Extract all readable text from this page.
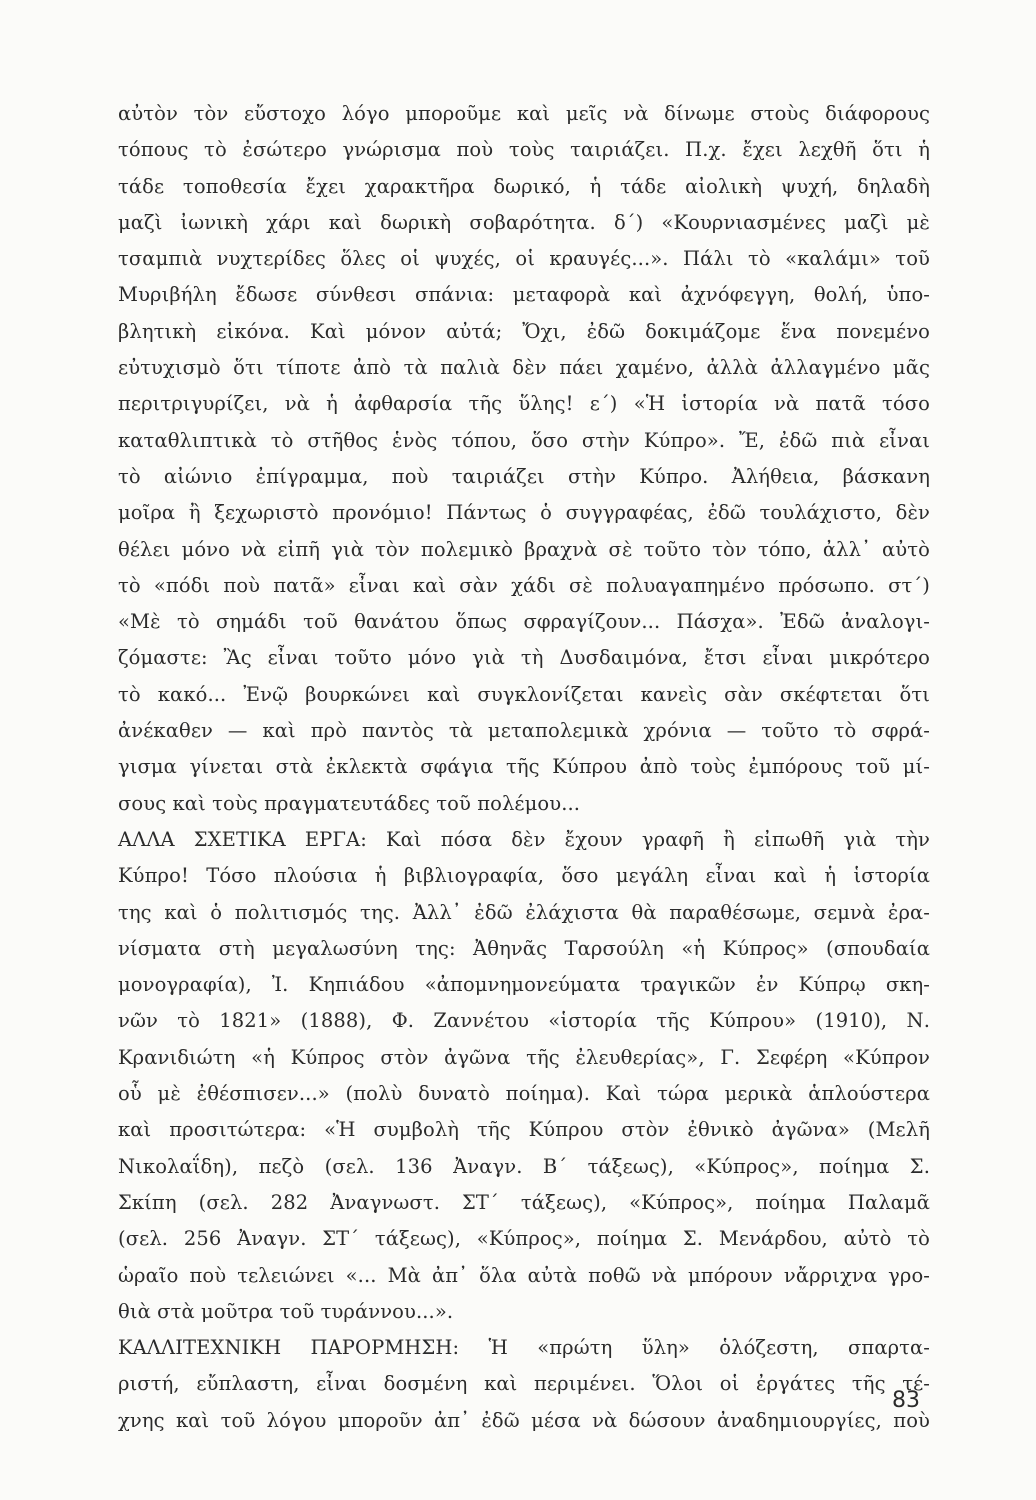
αὐτὸν τὸν εὔστοχο λόγο μποροῦμε καὶ μεῖς νὰ δίνωμε στοὺς διάφορους
τόπους τὸ ἐσώτερο γνώρισμα ποὺ τοὺς ταιριάζει. Π.χ. ἔχει λεχθῆ ὅτι ἡ
τάδε τοποθεσία ἔχει χαρακτῆρα δωρικό, ἡ τάδε αἰολικὴ ψυχή, δηλαδὴ
μαζὶ ἰωνικὴ χάρι καὶ δωρικὴ σοβαρότητα. δ΄) «Κουρνιασμένες μαζὶ μὲ
τσαμπιὰ νυχτερίδες ὅλες οἱ ψυχές, οἱ κραυγές...». Πάλι τὸ «καλάμι» τοῦ
Μυριβήλη ἔδωσε σύνθεσι σπάνια: μεταφορὰ καὶ ἀχνόφεγγη, θολή, ὑπο-
βλητικὴ εἰκόνα. Καὶ μόνον αὐτά; Ὄχι, ἐδῶ δοκιμάζομε ἕνα πονεμένο
εὐτυχισμὸ ὅτι τίποτε ἀπὸ τὰ παλιὰ δὲν πάει χαμένο, ἀλλὰ ἀλλαγμένο μᾶς
περιτριγυρίζει, νὰ ἡ ἀφθαρσία τῆς ὕλης! ε΄) «Ἡ ἱστορία νὰ πατᾶ τόσο
καταθλιπτικὰ τὸ στῆθος ἑνὸς τόπου, ὅσο στὴν Κύπρο». Ἔ, ἐδῶ πιὰ εἶναι
τὸ αἰώνιο ἐπίγραμμα, ποὺ ταιριάζει στὴν Κύπρο. Ἀλήθεια, βάσκανη
μοῖρα ἢ ξεχωριστὸ προνόμιο! Πάντως ὁ συγγραφέας, ἐδῶ τουλάχιστο, δὲν
θέλει μόνο νὰ εἰπῆ γιὰ τὸν πολεμικὸ βραχνὰ σὲ τοῦτο τὸν τόπο, ἀλλ᾿ αὐτὸ
τὸ «πόδι ποὺ πατᾶ» εἶναι καὶ σὰν χάδι σὲ πολυαγαπημένο πρόσωπο. στ΄)
«Μὲ τὸ σημάδι τοῦ θανάτου ὅπως σφραγίζουν... Πάσχα». Ἐδῶ ἀναλογι-
ζόμαστε: Ἂς εἶναι τοῦτο μόνο γιὰ τὴ Δυσδαιμόνα, ἔτσι εἶναι μικρότερο
τὸ κακό... Ἐνῷ βουρκώνει καὶ συγκλονίζεται κανεὶς σὰν σκέφτεται ὅτι
ἀνέκαθεν — καὶ πρὸ παντὸς τὰ μεταπολεμικὰ χρόνια — τοῦτο τὸ σφρά-
γισμα γίνεται στὰ ἐκλεκτὰ σφάγια τῆς Κύπρου ἀπὸ τοὺς ἐμπόρους τοῦ μί-
σους καὶ τοὺς πραγματευτάδες τοῦ πολέμου...
ΑΛΛΑ ΣΧΕΤΙΚΑ ΕΡΓΑ: Καὶ πόσα δὲν ἔχουν γραφῆ ἢ εἰπωθῆ γιὰ τὴν
Κύπρο! Τόσο πλούσια ἡ βιβλιογραφία, ὅσο μεγάλη εἶναι καὶ ἡ ἱστορία
της καὶ ὁ πολιτισμός της. Ἀλλ᾿ ἐδῶ ἐλάχιστα θὰ παραθέσωμε, σεμνὰ ἐρα-
νίσματα στὴ μεγαλωσύνη της: Ἀθηνᾶς Ταρσούλη «ἡ Κύπρος» (σπουδαία
μονογραφία), Ἰ. Κηπιάδου «ἀπομνημονεύματα τραγικῶν ἐν Κύπρῳ σκη-
νῶν τὸ 1821» (1888), Φ. Ζαννέτου «ἱστορία τῆς Κύπρου» (1910), Ν.
Κρανιδιώτη «ἡ Κύπρος στὸν ἀγῶνα τῆς ἐλευθερίας», Γ. Σεφέρη «Κύπρον
οὗ μὲ ἐθέσπισεν...» (πολὺ δυνατὸ ποίημα). Καὶ τώρα μερικὰ ἁπλούστερα
καὶ προσιτώτερα: «Ἡ συμβολὴ τῆς Κύπρου στὸν ἐθνικὸ ἀγῶνα» (Μελῆ
Νικολαΐδη), πεζὸ (σελ. 136 Ἀναγν. Β΄ τάξεως), «Κύπρος», ποίημα Σ.
Σκίπη (σελ. 282 Ἀναγνωστ. ΣΤ΄ τάξεως), «Κύπρος», ποίημα Παλαμᾶ
(σελ. 256 Ἀναγν. ΣΤ΄ τάξεως), «Κύπρος», ποίημα Σ. Μενάρδου, αὐτὸ τὸ
ὡραῖο ποὺ τελειώνει «... Μὰ ἀπ᾿ ὅλα αὐτὰ ποθῶ νὰ μπόρουν νἄρριχνα γρο-
θιὰ στὰ μοῦτρα τοῦ τυράννου...».
ΚΑΛΛΙΤΕΧΝΙΚΗ ΠΑΡΟΡΜΗΣΗ: Ἡ «πρώτη ὕλη» ὁλόζεστη, σπαρτα-
ριστή, εὔπλαστη, εἶναι δοσμένη καὶ περιμένει. Ὅλοι οἱ ἐργάτες τῆς τέ-
χνης καὶ τοῦ λόγου μποροῦν ἀπ᾿ ἐδῶ μέσα νὰ δώσουν ἀναδημιουργίες, ποὺ
83
